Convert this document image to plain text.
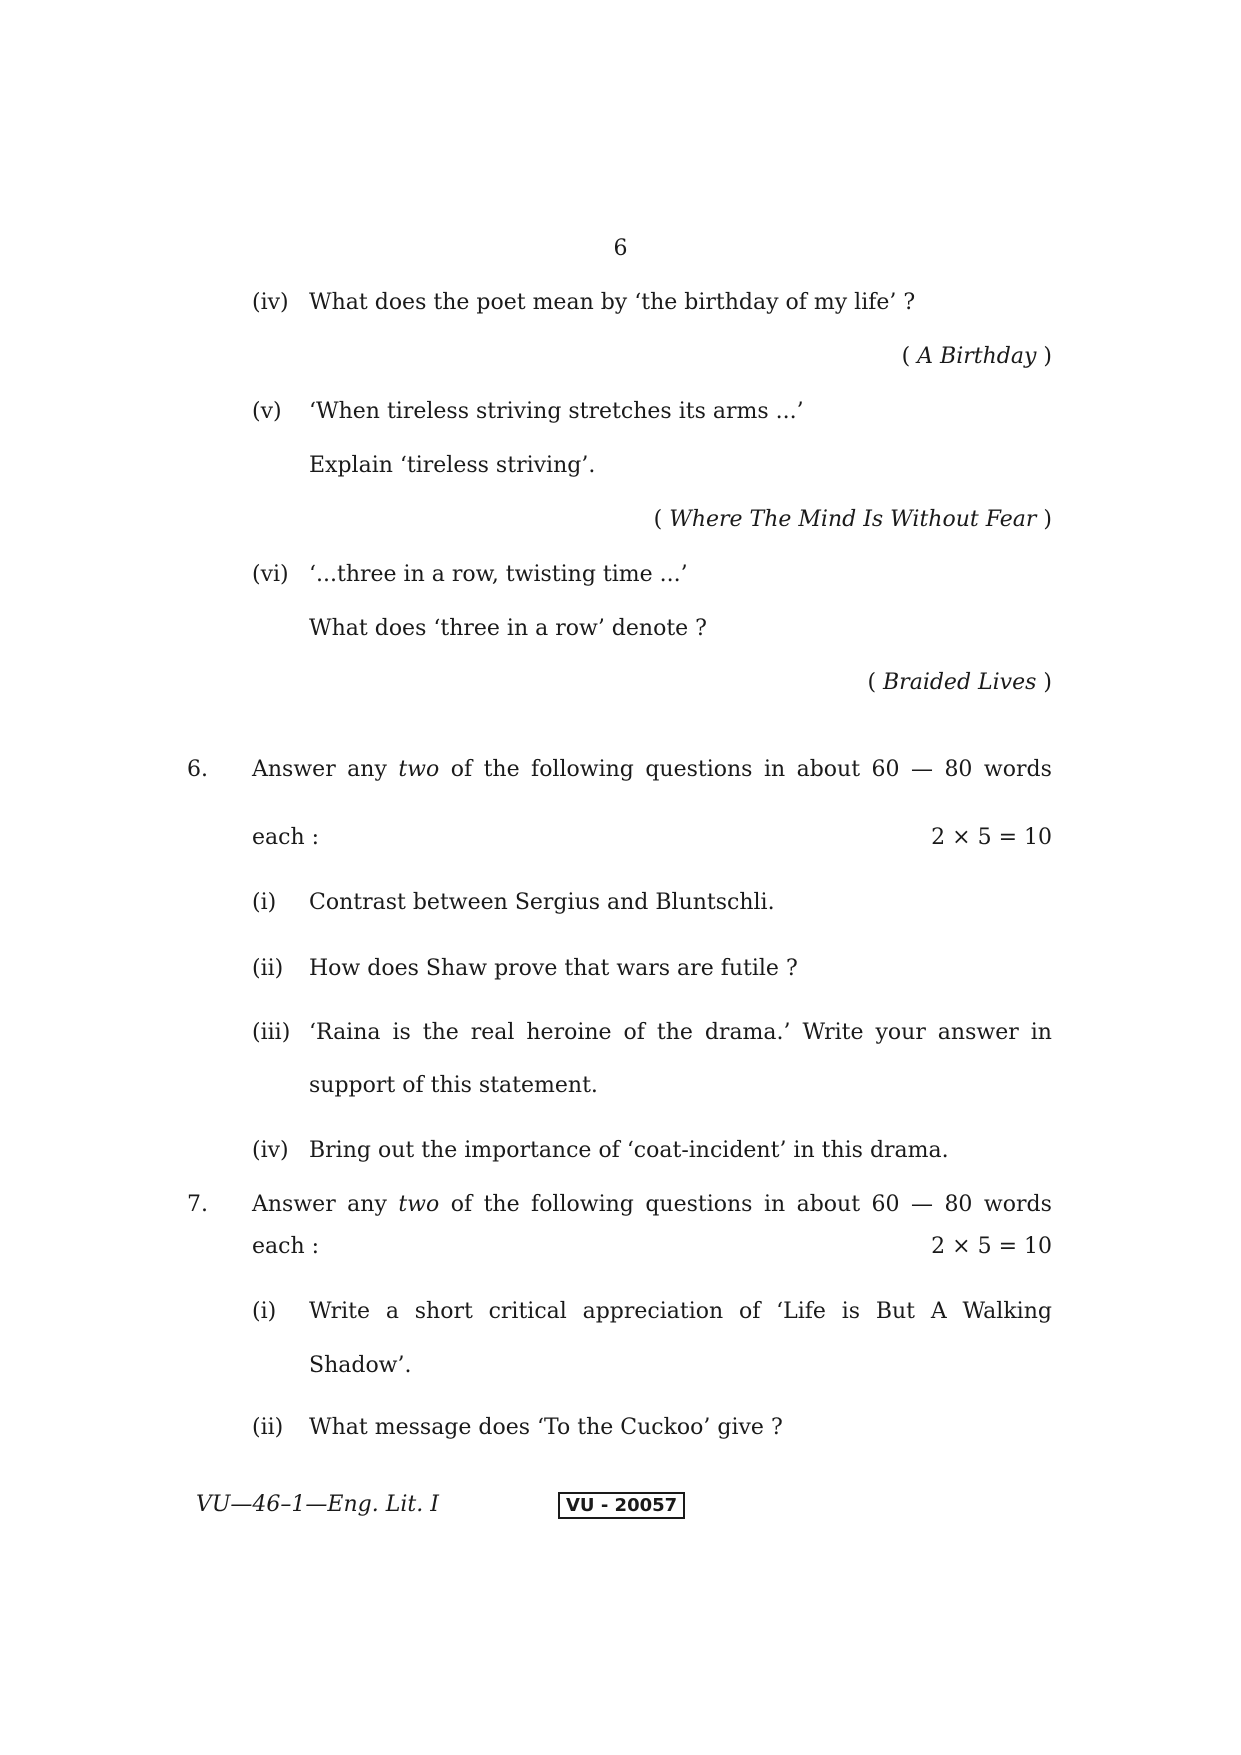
6
(iv) What does the poet mean by ‘the birthday of my life’ ?
( A Birthday )
(v) ‘When tireless striving stretches its arms ...’
Explain ‘tireless striving’.
( Where The Mind Is Without Fear )
(vi) ‘...three in a row, twisting time ...’
What does ‘three in a row’ denote ?
( Braided Lives )
6. Answer any two of the following questions in about 60 — 80 words
each :	2 × 5 = 10
(i) Contrast between Sergius and Bluntschli.
(ii) How does Shaw prove that wars are futile ?
(iii) ‘Raina is the real heroine of the drama.’ Write your answer in
support of this statement.
(iv) Bring out the importance of ‘coat-incident’ in this drama.
7. Answer any two of the following questions in about 60 — 80 words
each :	2 × 5 = 10
(i) Write a short critical appreciation of ‘Life is But A Walking
Shadow’.
(ii) What message does ‘To the Cuckoo’ give ?
VU—46–1—Eng. Lit. I	VU - 20057
